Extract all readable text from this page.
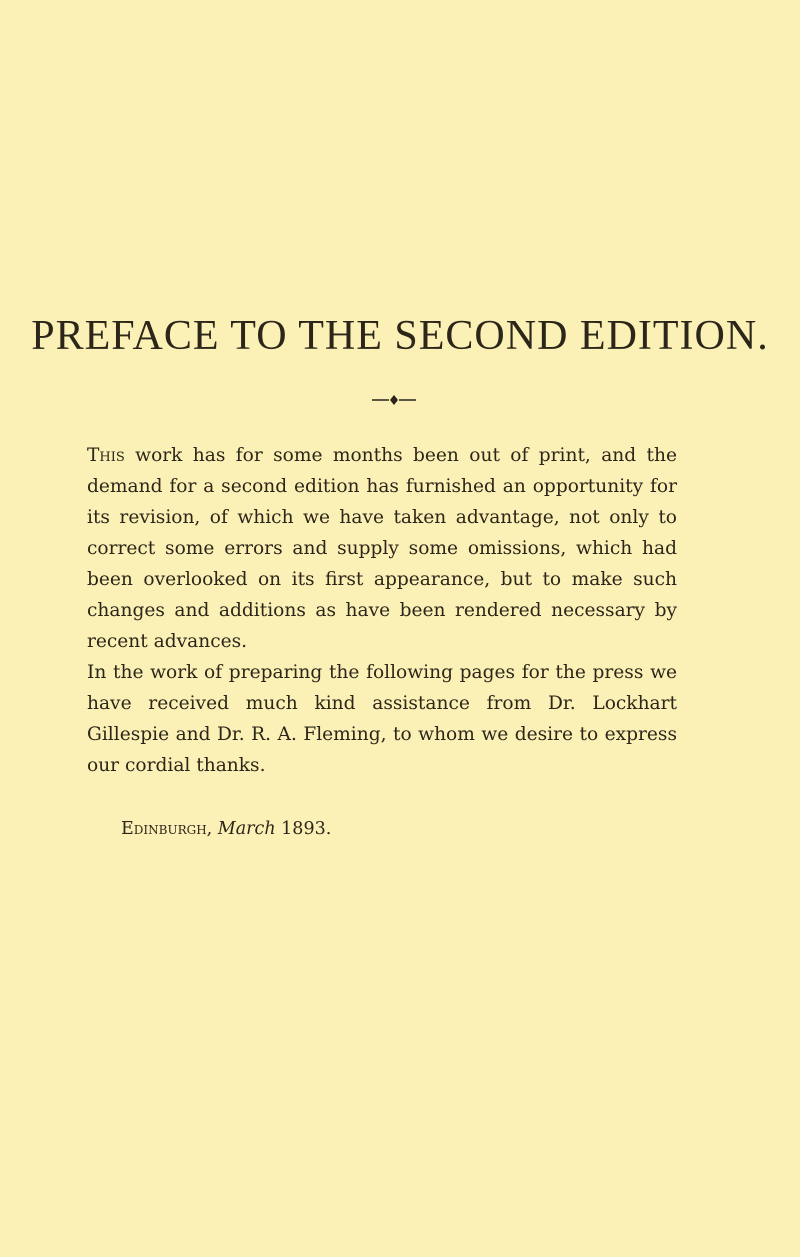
PREFACE TO THE SECOND EDITION.

This work has for some months been out of print, and the demand for a second edition has furnished an opportunity for its revision, of which we have taken advantage, not only to correct some errors and supply some omissions, which had been overlooked on its first appearance, but to make such changes and additions as have been rendered necessary by recent advances.

In the work of preparing the following pages for the press we have received much kind assistance from Dr. Lockhart Gillespie and Dr. R. A. Fleming, to whom we desire to express our cordial thanks.

Edinburgh, March 1893.
